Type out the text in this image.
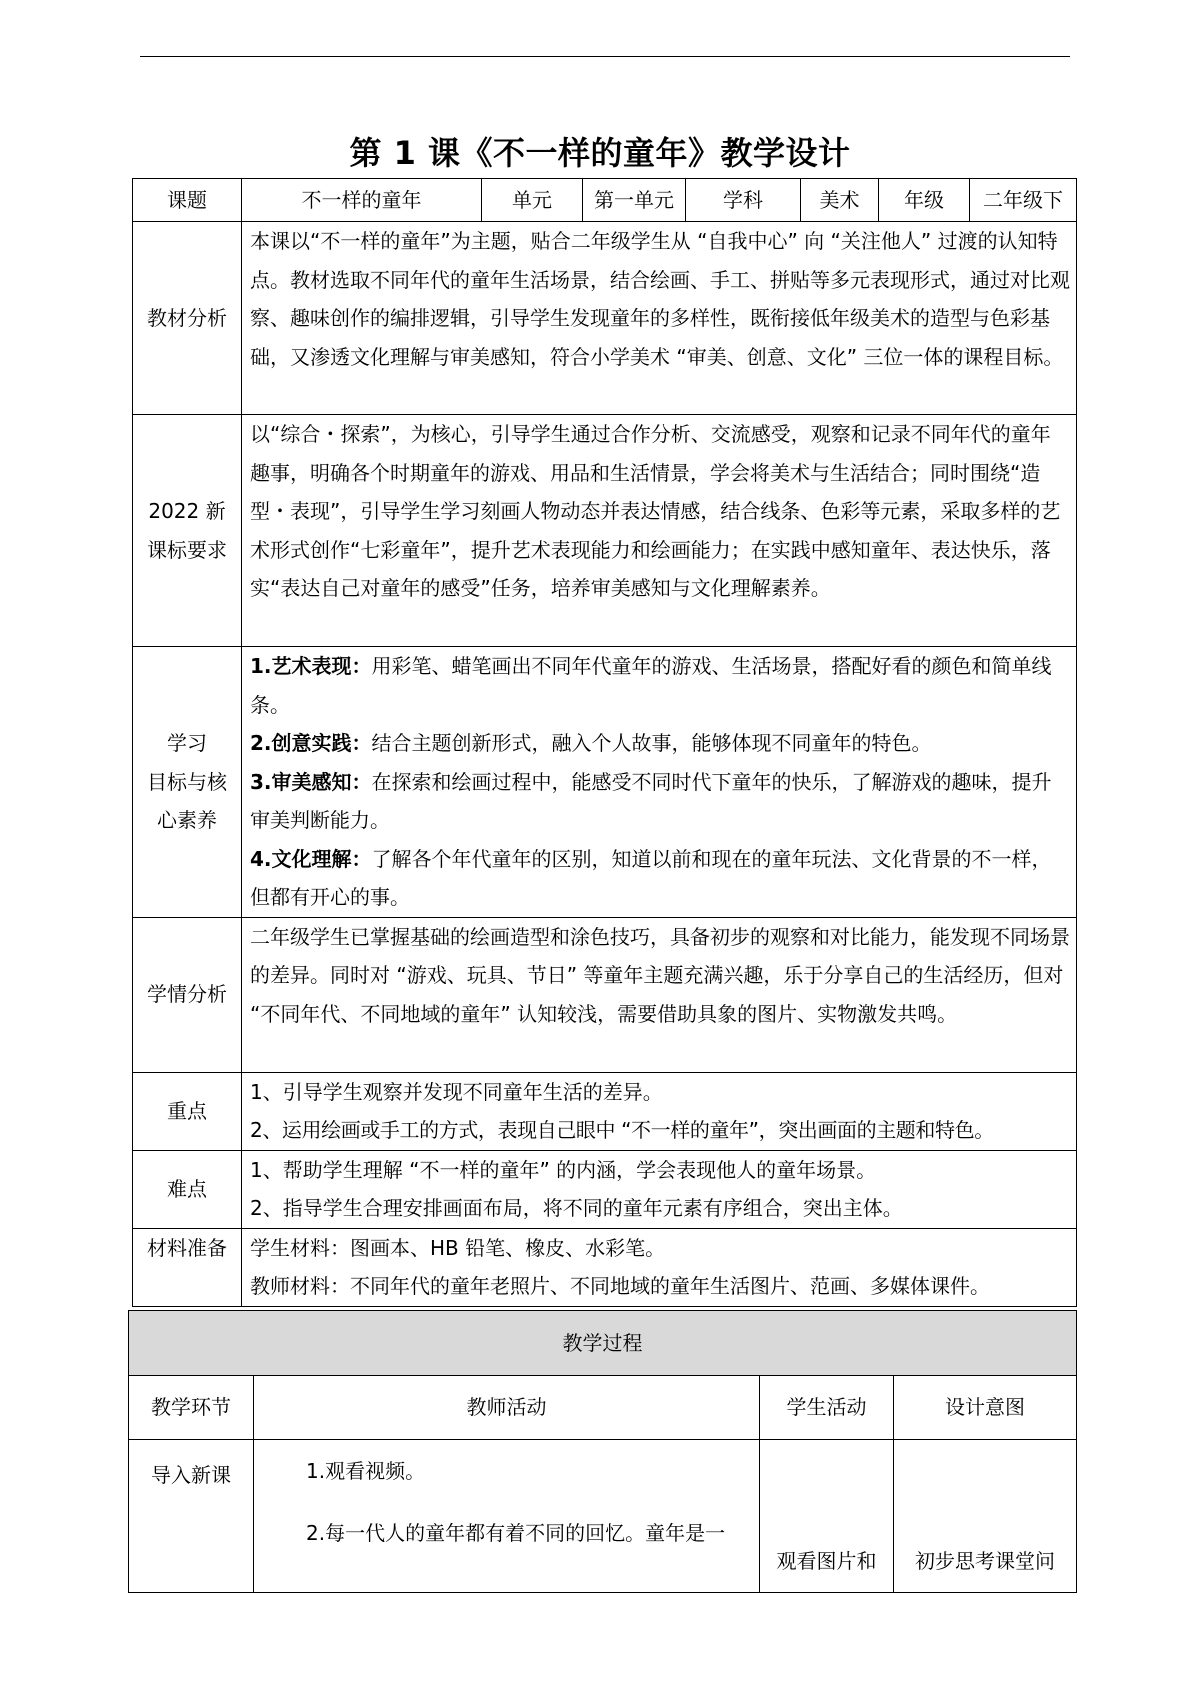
第 1 课《不一样的童年》教学设计
课题	不一样的童年	单元	第一单元	学科	美术	年级	二年级下
教材分析	本课以“不一样的童年”为主题，贴合二年级学生从 “自我中心” 向 “关注他人” 过渡的认知特点。教材选取不同年代的童年生活场景，结合绘画、手工、拼贴等多元表现形式，通过对比观察、趣味创作的编排逻辑，引导学生发现童年的多样性，既衔接低年级美术的造型与色彩基础，又渗透文化理解与审美感知，符合小学美术 “审美、创意、文化” 三位一体的课程目标。						

2022 新
课标要求	以“综合・探索”，为核心，引导学生通过合作分析、交流感受，观察和记录不同年代的童年趣事，明确各个时期童年的游戏、用品和生活情景，学会将美术与生活结合；同时围绕“造型・表现”，引导学生学习刻画人物动态并表达情感，结合线条、色彩等元素，采取多样的艺术形式创作“七彩童年”，提升艺术表现能力和绘画能力；在实践中感知童年、表达快乐，落实“表达自己对童年的感受”任务，培养审美感知与文化理解素养。						

学习
目标与核
心素养	1.艺术表现：用彩笔、蜡笔画出不同年代童年的游戏、生活场景，搭配好看的颜色和简单线条。
2.创意实践：结合主题创新形式，融入个人故事，能够体现不同童年的特色。
3.审美感知：在探索和绘画过程中，能感受不同时代下童年的快乐，了解游戏的趣味，提升审美判断能力。
4.文化理解：了解各个年代童年的区别，知道以前和现在的童年玩法、文化背景的不一样，但都有开心的事。						

学情分析	二年级学生已掌握基础的绘画造型和涂色技巧，具备初步的观察和对比能力，能发现不同场景的差异。同时对 “游戏、玩具、节日” 等童年主题充满兴趣，乐于分享自己的生活经历，但对 “不同年代、不同地域的童年” 认知较浅，需要借助具象的图片、实物激发共鸣。						
重点	1、引导学生观察并发现不同童年生活的差异。
2、运用绘画或手工的方式，表现自己眼中 “不一样的童年”，突出画面的主题和特色。						

难点	1、帮助学生理解 “不一样的童年” 的内涵，学会表现他人的童年场景。
2、指导学生合理安排画面布局，将不同的童年元素有序组合，突出主体。						

材料准备	学生材料：图画本、HB 铅笔、橡皮、水彩笔。
教师材料：不同年代的童年老照片、不同地域的童年生活图片、范画、多媒体课件。						
教学过程			
教学环节	教师活动	学生活动	设计意图
导入新课	1.观看视频。
2.每一代人的童年都有着不同的回忆。童年是一	观看图片和	初步思考课堂问
